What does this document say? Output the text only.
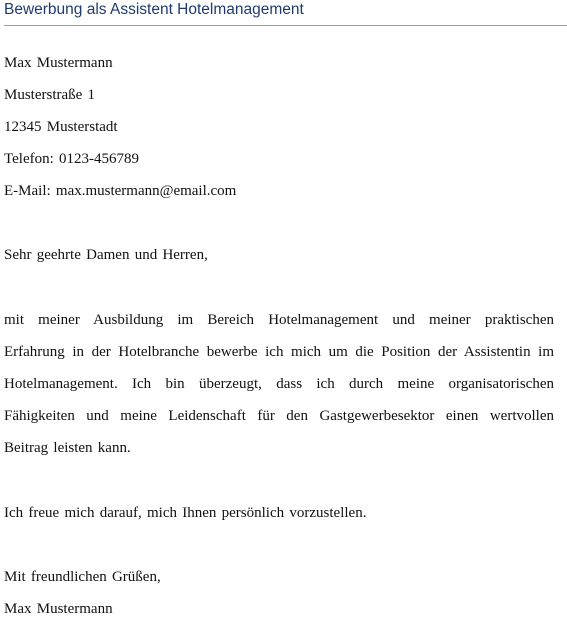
Bewerbung als Assistent Hotelmanagement
Max Mustermann
Musterstraße 1
12345 Musterstadt
Telefon: 0123-456789
E-Mail: max.mustermann@email.com
Sehr geehrte Damen und Herren,
mit meiner Ausbildung im Bereich Hotelmanagement und meiner praktischen
Erfahrung in der Hotelbranche bewerbe ich mich um die Position der Assistentin im
Hotelmanagement. Ich bin überzeugt, dass ich durch meine organisatorischen
Fähigkeiten und meine Leidenschaft für den Gastgewerbesektor einen wertvollen
Beitrag leisten kann.
Ich freue mich darauf, mich Ihnen persönlich vorzustellen.
Mit freundlichen Grüßen,
Max Mustermann
